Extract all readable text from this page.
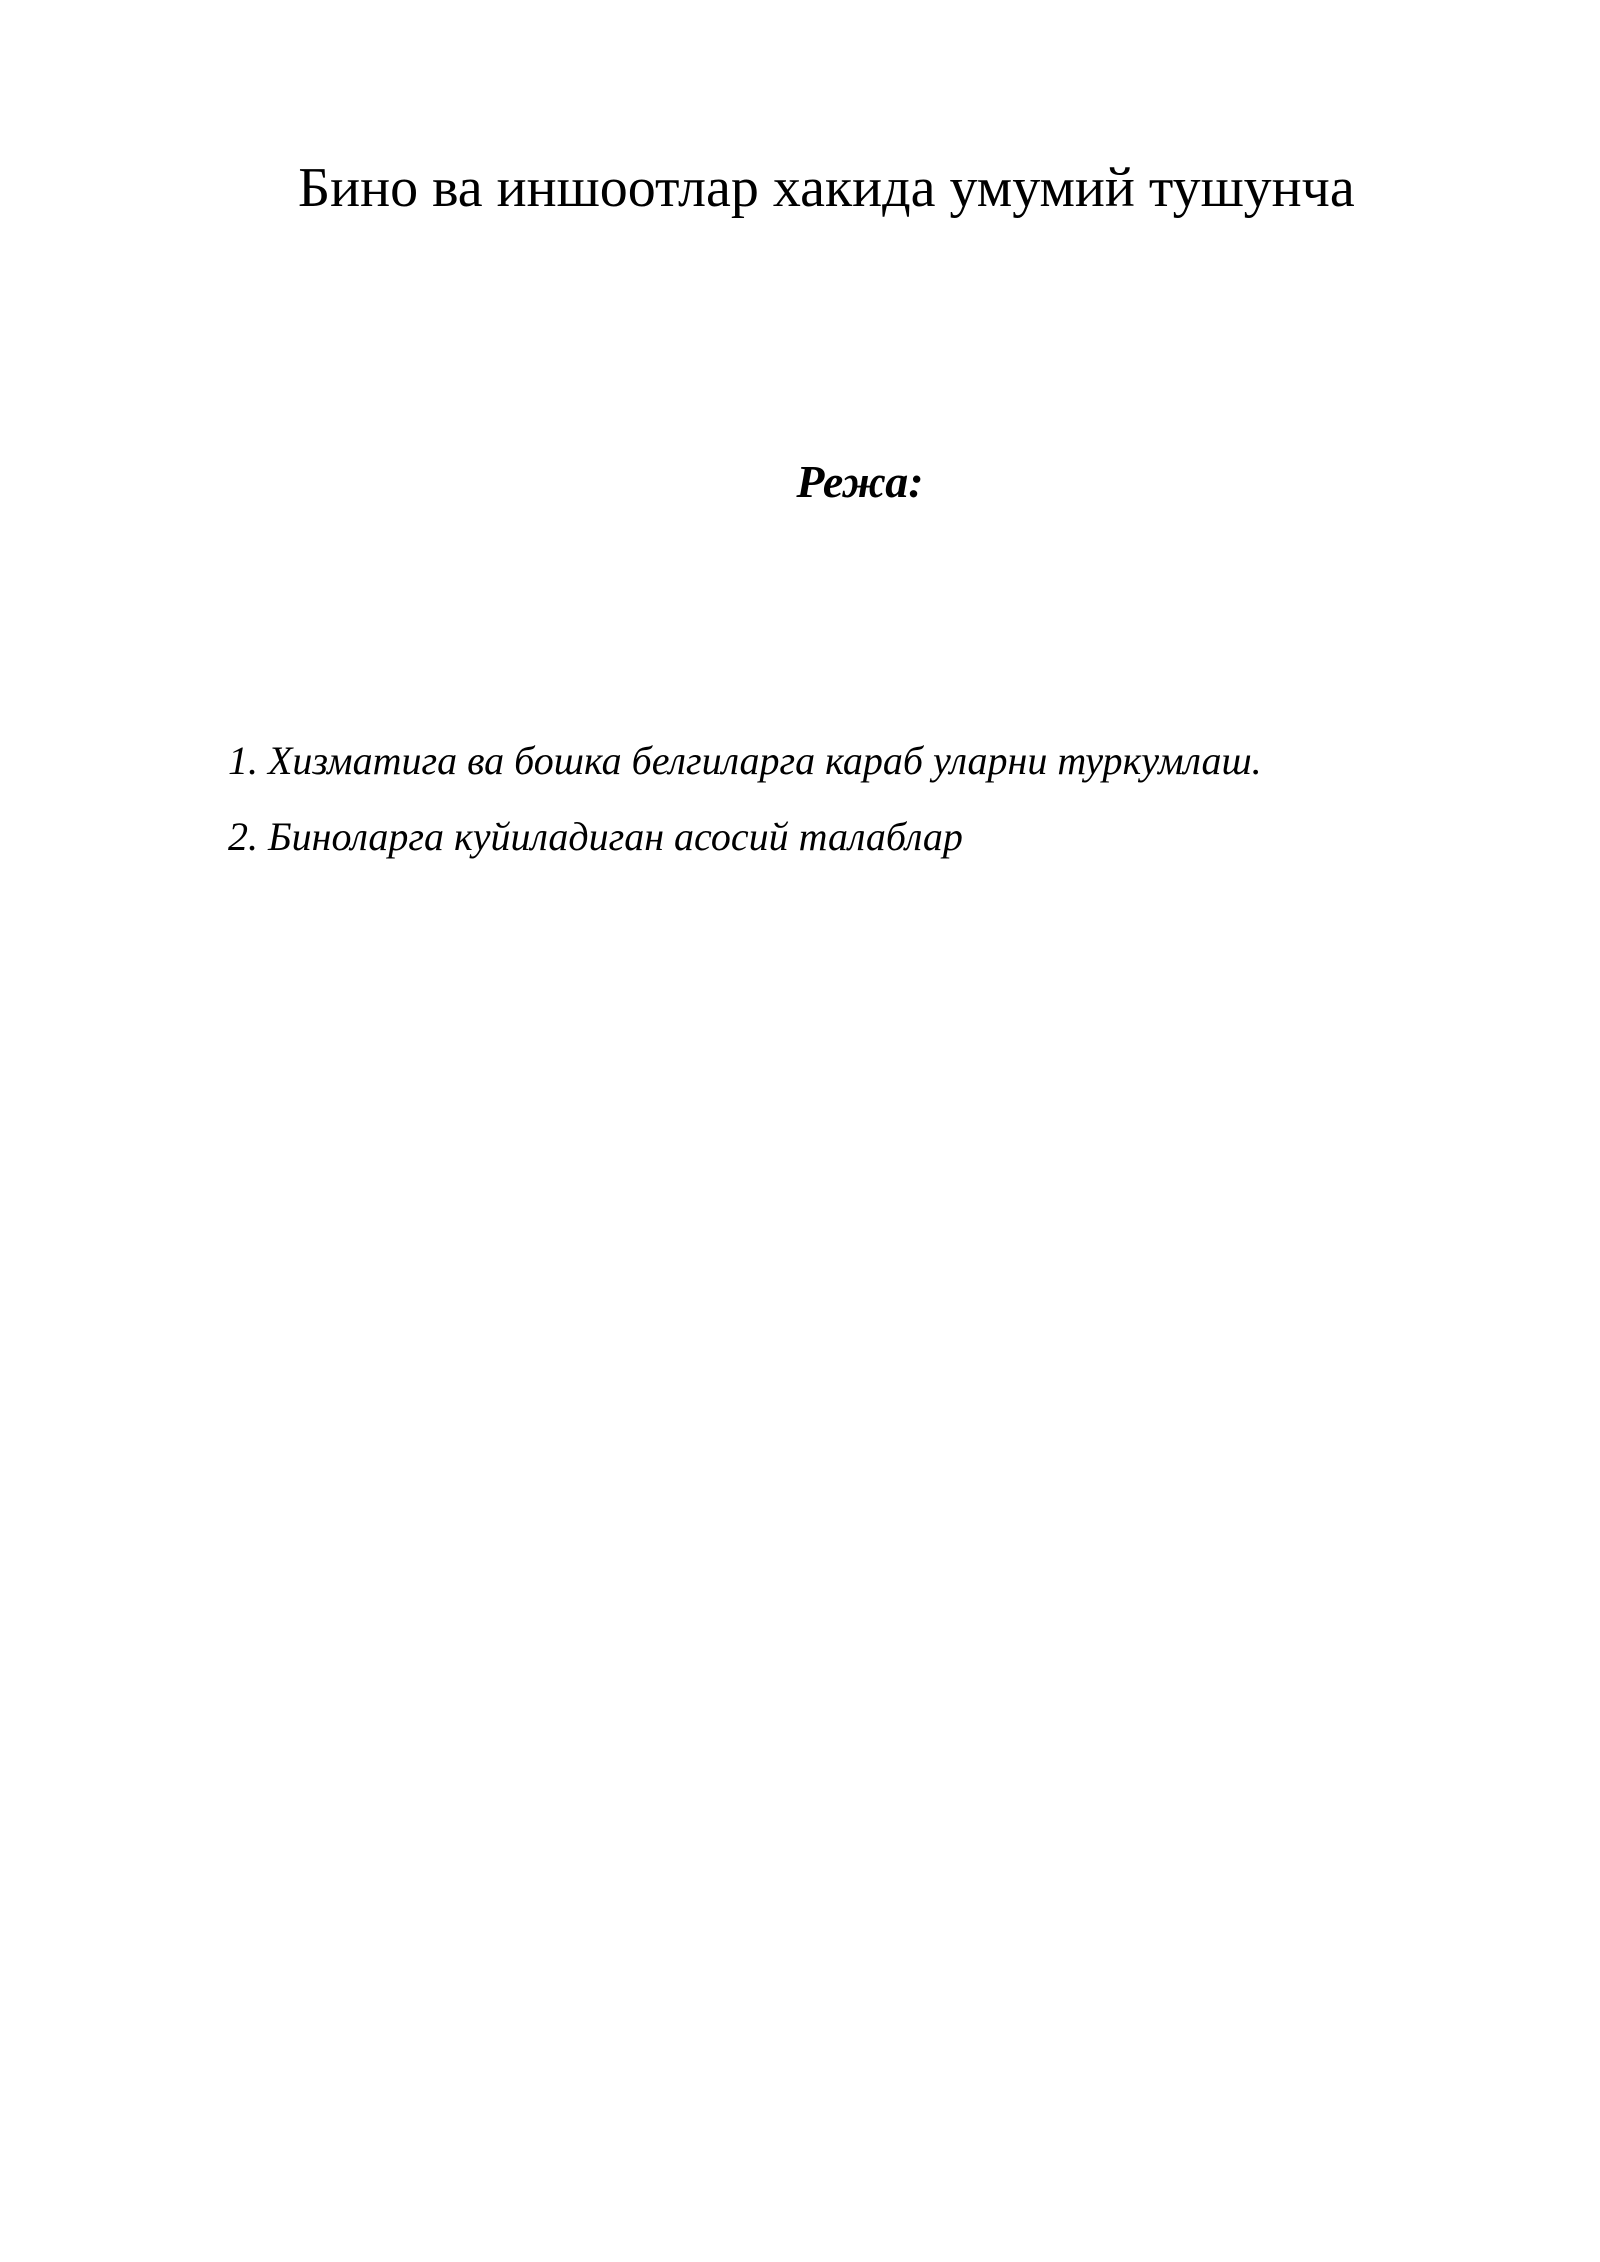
Бино ва иншоотлар хакида умумий тушунча
Режа:
1. Хизматига ва бошка белгиларга караб уларни туркумлаш.
2. Биноларга куйиладиган асосий талаблар
